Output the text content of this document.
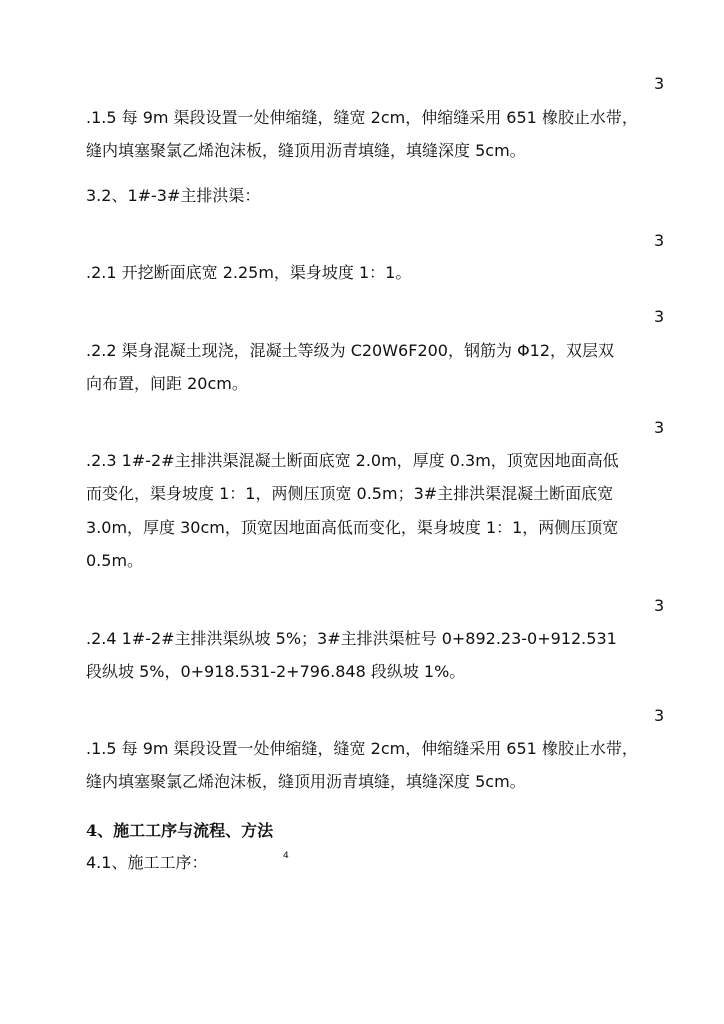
3
.1.5 每 9m 渠段设置一处伸缩缝，缝宽 2cm，伸缩缝采用 651 橡胶止水带，
缝内填塞聚氯乙烯泡沫板，缝顶用沥青填缝，填缝深度 5cm。
3.2、1#-3#主排洪渠：
3
.2.1 开挖断面底宽 2.25m，渠身坡度 1：1。
3
.2.2 渠身混凝土现浇，混凝土等级为 C20W6F200，钢筋为 Φ12，双层双
向布置，间距 20cm。
3
.2.3 1#-2#主排洪渠混凝土断面底宽 2.0m，厚度 0.3m，顶宽因地面高低
而变化，渠身坡度 1：1，两侧压顶宽 0.5m；3#主排洪渠混凝土断面底宽
3.0m，厚度 30cm，顶宽因地面高低而变化，渠身坡度 1：1，两侧压顶宽
0.5m。
3
.2.4 1#-2#主排洪渠纵坡 5%；3#主排洪渠桩号 0+892.23-0+912.531
段纵坡 5%，0+918.531-2+796.848 段纵坡 1%。
3
.1.5 每 9m 渠段设置一处伸缩缝，缝宽 2cm，伸缩缝采用 651 橡胶止水带，
缝内填塞聚氯乙烯泡沫板，缝顶用沥青填缝，填缝深度 5cm。
4、施工工序与流程、方法
4.1、施工工序：	4
